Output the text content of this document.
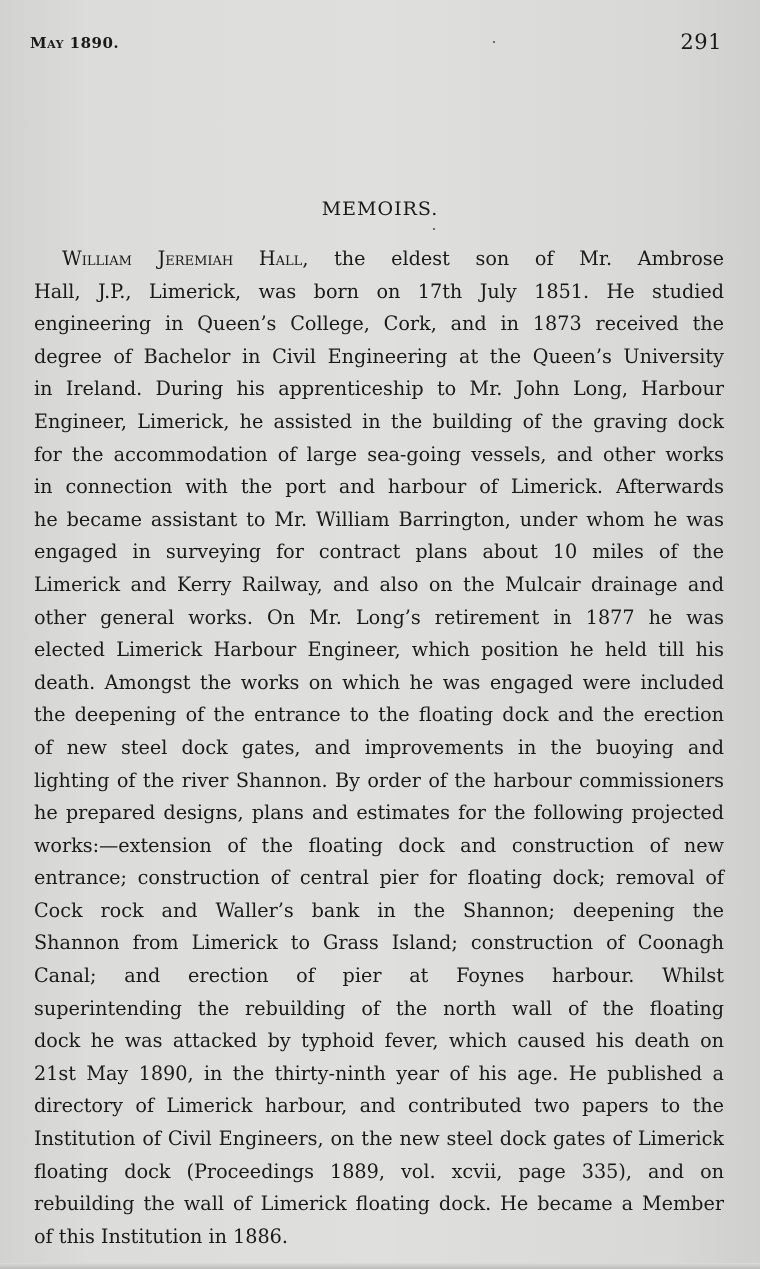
May 1890.	291
MEMOIRS.
William Jeremiah Hall, the eldest son of Mr. Ambrose
Hall, J.P., Limerick, was born on 17th July 1851. He studied
engineering in Queen’s College, Cork, and in 1873 received the
degree of Bachelor in Civil Engineering at the Queen’s University
in Ireland. During his apprenticeship to Mr. John Long, Harbour
Engineer, Limerick, he assisted in the building of the graving dock
for the accommodation of large sea-going vessels, and other works
in connection with the port and harbour of Limerick. Afterwards
he became assistant to Mr. William Barrington, under whom he was
engaged in surveying for contract plans about 10 miles of the
Limerick and Kerry Railway, and also on the Mulcair drainage and
other general works. On Mr. Long’s retirement in 1877 he was
elected Limerick Harbour Engineer, which position he held till his
death. Amongst the works on which he was engaged were included
the deepening of the entrance to the floating dock and the erection
of new steel dock gates, and improvements in the buoying and
lighting of the river Shannon. By order of the harbour commissioners
he prepared designs, plans and estimates for the following projected
works:—extension of the floating dock and construction of new
entrance; construction of central pier for floating dock; removal of
Cock rock and Waller’s bank in the Shannon; deepening the
Shannon from Limerick to Grass Island; construction of Coonagh
Canal; and erection of pier at Foynes harbour. Whilst
superintending the rebuilding of the north wall of the floating
dock he was attacked by typhoid fever, which caused his death on
21st May 1890, in the thirty-ninth year of his age. He published a
directory of Limerick harbour, and contributed two papers to the
Institution of Civil Engineers, on the new steel dock gates of Limerick
floating dock (Proceedings 1889, vol. xcvii, page 335), and on
rebuilding the wall of Limerick floating dock. He became a Member
of this Institution in 1886.
